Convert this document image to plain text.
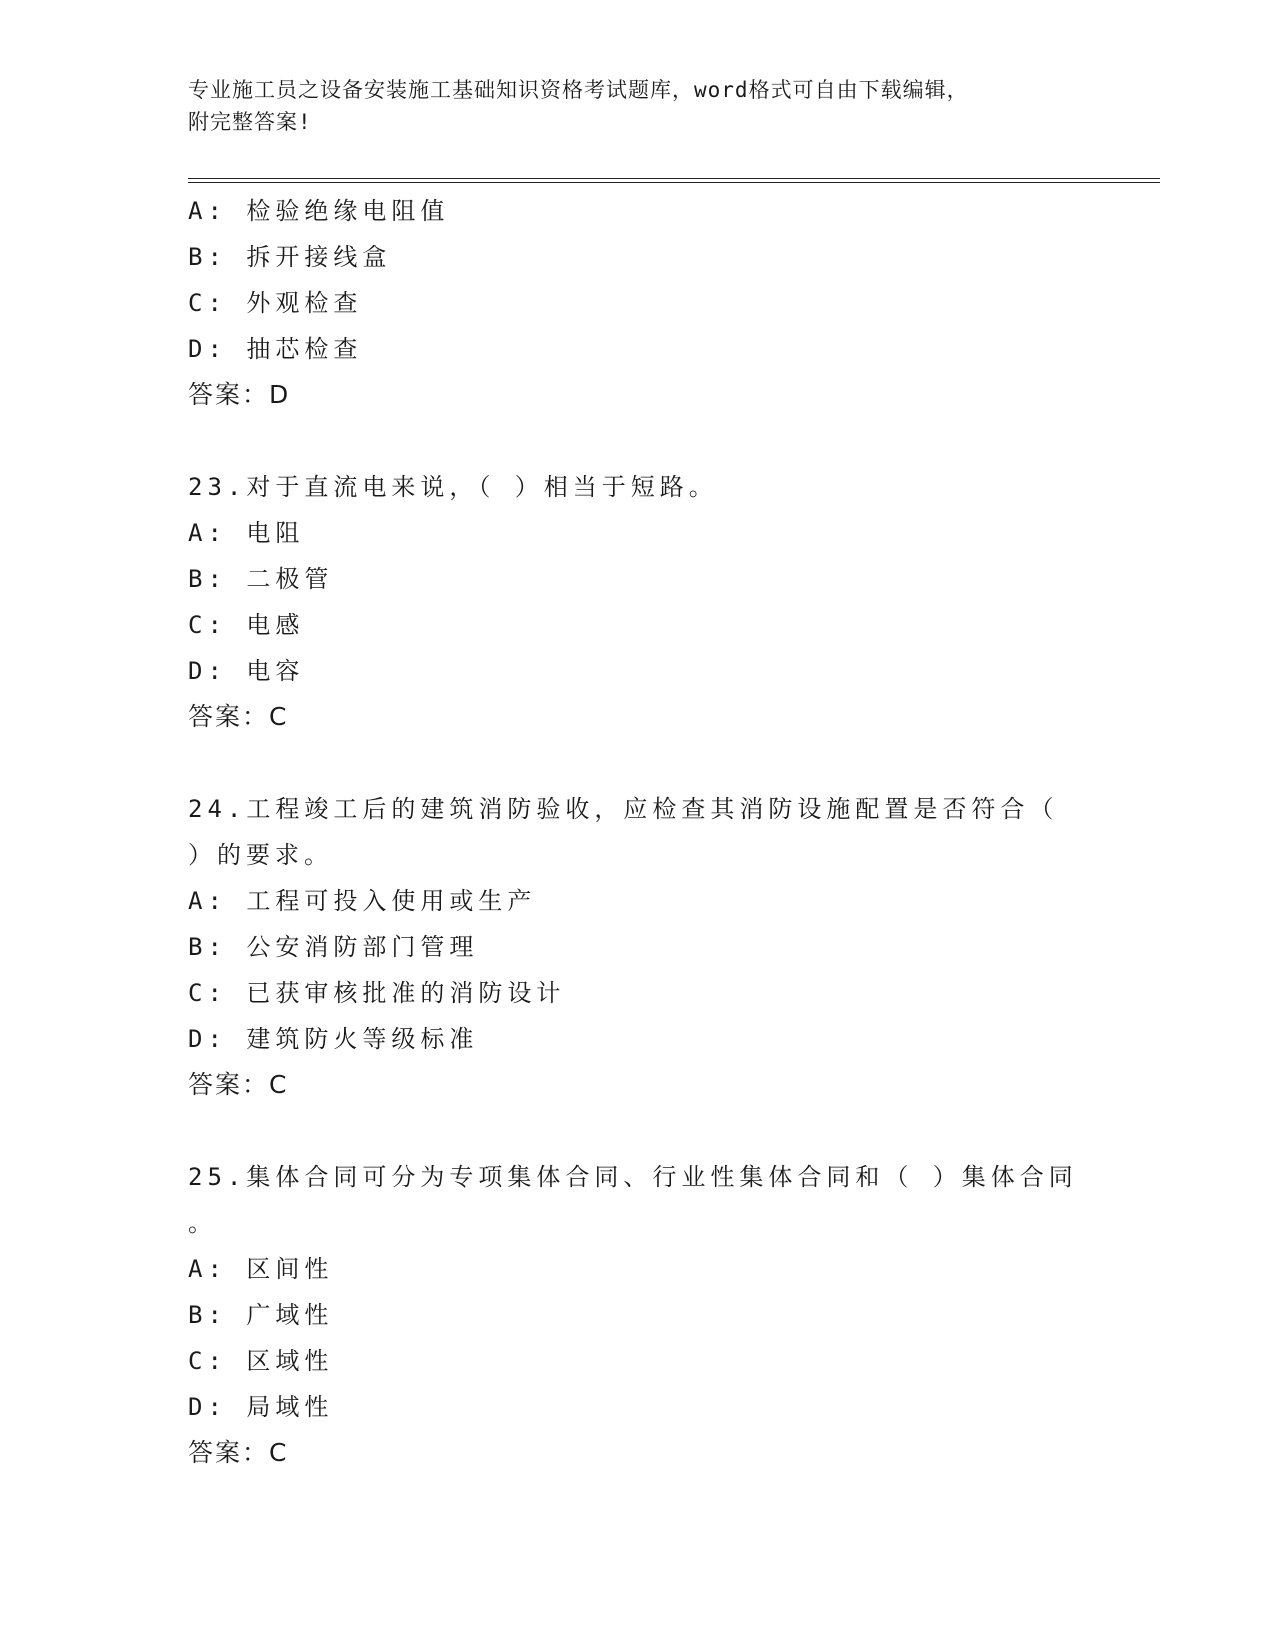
专业施工员之设备安装施工基础知识资格考试题库，word格式可自由下载编辑，
附完整答案!
A: 检验绝缘电阻值
B: 拆开接线盒
C: 外观检查
D: 抽芯检查
答案：D
23.对于直流电来说，（ ）相当于短路。
A: 电阻
B: 二极管
C: 电感
D: 电容
答案：C
24.工程竣工后的建筑消防验收，应检查其消防设施配置是否符合（
）的要求。
A: 工程可投入使用或生产
B: 公安消防部门管理
C: 已获审核批准的消防设计
D: 建筑防火等级标准
答案：C
25.集体合同可分为专项集体合同、行业性集体合同和（ ）集体合同
。
A: 区间性
B: 广域性
C: 区域性
D: 局域性
答案：C
